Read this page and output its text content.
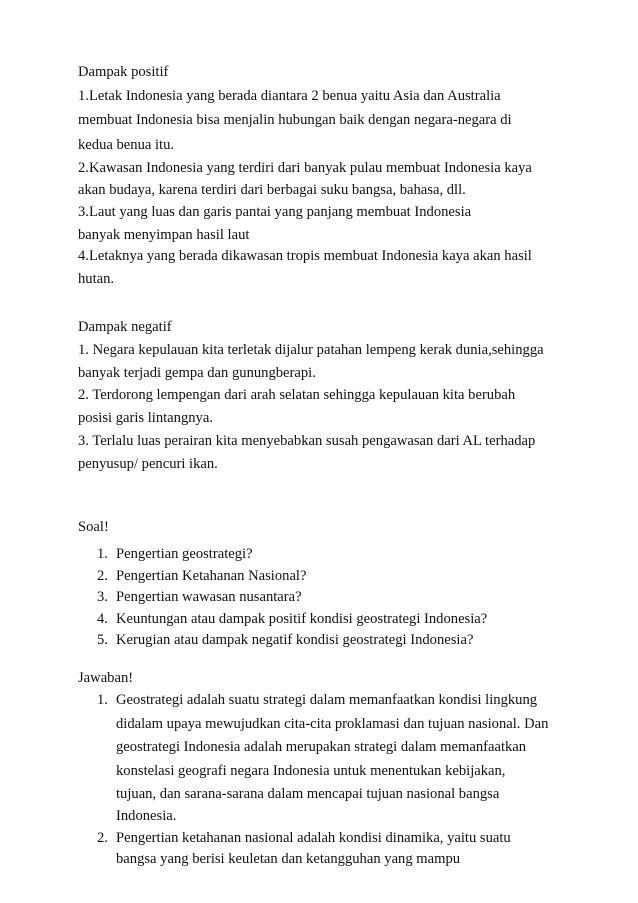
Dampak positif
1.Letak Indonesia yang berada diantara 2 benua yaitu Asia dan Australia
membuat Indonesia bisa menjalin hubungan baik dengan negara-negara di
kedua benua itu.
2.Kawasan Indonesia yang terdiri dari banyak pulau membuat Indonesia kaya
akan budaya, karena terdiri dari berbagai suku bangsa, bahasa, dll.
3.Laut yang luas dan garis pantai yang panjang membuat Indonesia
banyak menyimpan hasil laut
4.Letaknya yang berada dikawasan tropis membuat Indonesia kaya akan hasil
hutan.
Dampak negatif
1. Negara kepulauan kita terletak dijalur patahan lempeng kerak dunia,sehingga
banyak terjadi gempa dan gunungberapi.
2. Terdorong lempengan dari arah selatan sehingga kepulauan kita berubah
posisi garis lintangnya.
3. Terlalu luas perairan kita menyebabkan susah pengawasan dari AL terhadap
penyusup/ pencuri ikan.
Soal!
1. Pengertian geostrategi?
2. Pengertian Ketahanan Nasional?
3. Pengertian wawasan nusantara?
4. Keuntungan atau dampak positif kondisi geostrategi Indonesia?
5. Kerugian atau dampak negatif kondisi geostrategi Indonesia?
Jawaban!
1. Geostrategi adalah suatu strategi dalam memanfaatkan kondisi lingkung
didalam upaya mewujudkan cita-cita proklamasi dan tujuan nasional. Dan
geostrategi Indonesia adalah merupakan strategi dalam memanfaatkan
konstelasi geografi negara Indonesia untuk menentukan kebijakan,
tujuan, dan sarana-sarana dalam mencapai tujuan nasional bangsa
Indonesia.
2. Pengertian ketahanan nasional adalah kondisi dinamika, yaitu suatu
bangsa yang berisi keuletan dan ketangguhan yang mampu
